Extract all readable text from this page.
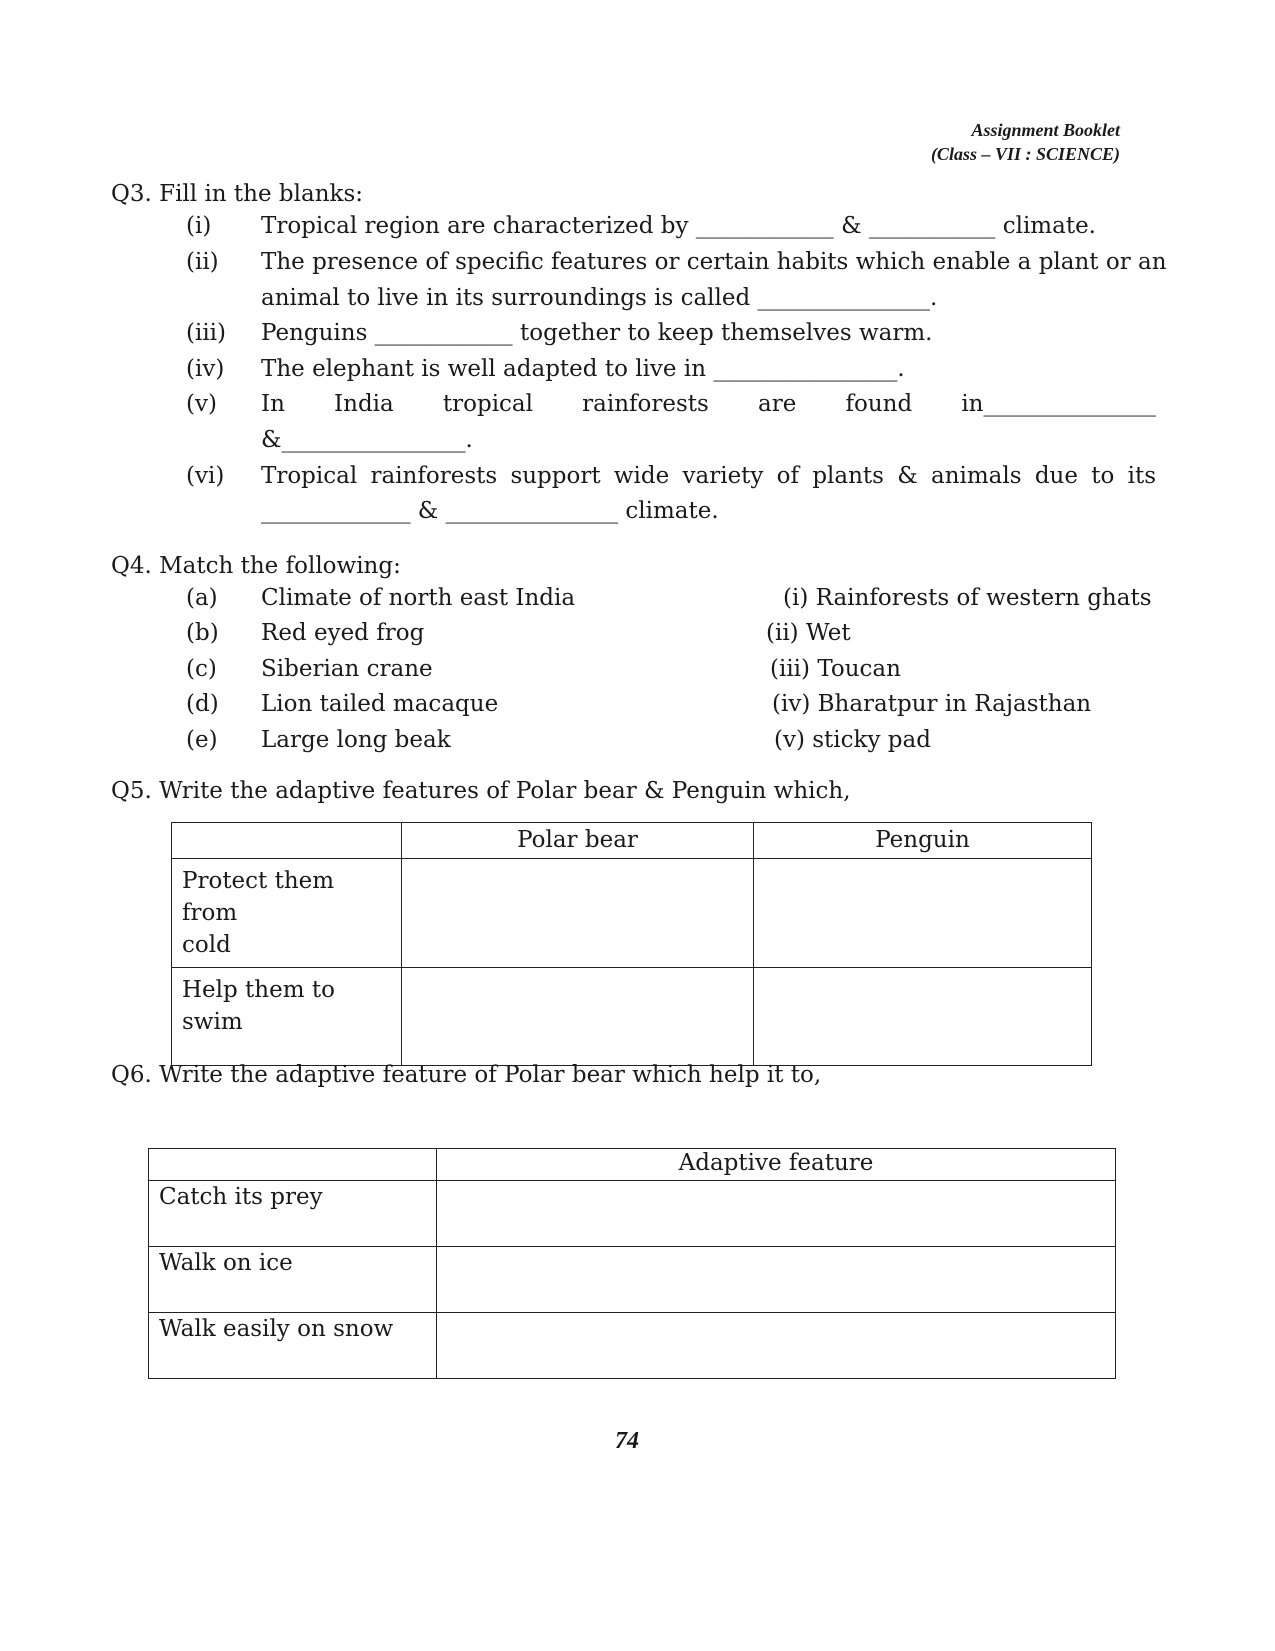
Assignment Booklet
(Class – VII : SCIENCE)
Q3. Fill in the blanks:
(i) Tropical region are characterized by ____________ & ___________ climate.
(ii) The presence of specific features or certain habits which enable a plant or an
animal to live in its surroundings is called _______________.
(iii) Penguins ____________ together to keep themselves warm.
(iv) The elephant is well adapted to live in ________________.
(v) In India tropical rainforests are found in_______________
&________________.
(vi) Tropical rainforests support wide variety of plants & animals due to its
_____________ & _______________ climate.
Q4. Match the following:
(a) Climate of north east India	(i) Rainforests of western ghats
(b) Red eyed frog	(ii) Wet
(c) Siberian crane	(iii) Toucan
(d) Lion tailed macaque	(iv) Bharatpur in Rajasthan
(e) Large long beak	(v) sticky pad
Q5. Write the adaptive features of Polar bear & Penguin which,

	Polar bear	Penguin

Protect them from
cold		

Help them to
swim		

Q6. Write the adaptive feature of Polar bear which help it to,

	Adaptive feature

Catch its prey	

Walk on ice	

Walk easily on snow	

74
